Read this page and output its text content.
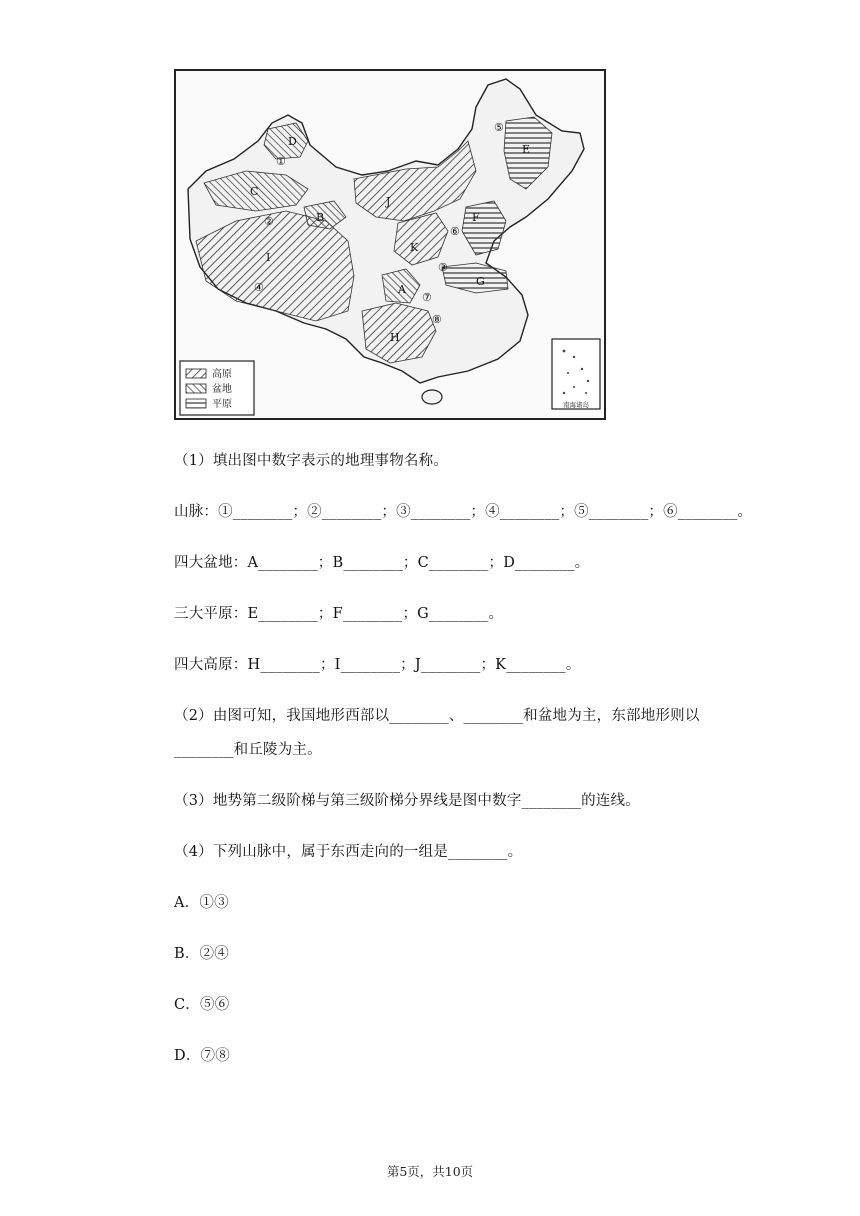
南海诸岛
高原
盆地
平原
D
①
C
②	B
I
④
J
K
A
③
⑦
⑧
H
⑤
E
⑥
F
G
（1）填出图中数字表示的地理事物名称。
山脉：①________；②________；③________；④________；⑤________；⑥________。
四大盆地：A________；B________；C________；D________。
三大平原：E________；F________；G________。
四大高原：H________；I________；J________；K________。
（2）由图可知，我国地形西部以________、________和盆地为主，东部地形则以
________和丘陵为主。
（3）地势第二级阶梯与第三级阶梯分界线是图中数字________的连线。
（4）下列山脉中，属于东西走向的一组是________。
A．①③
B．②④
C．⑤⑥
D．⑦⑧
第5页，共10页
